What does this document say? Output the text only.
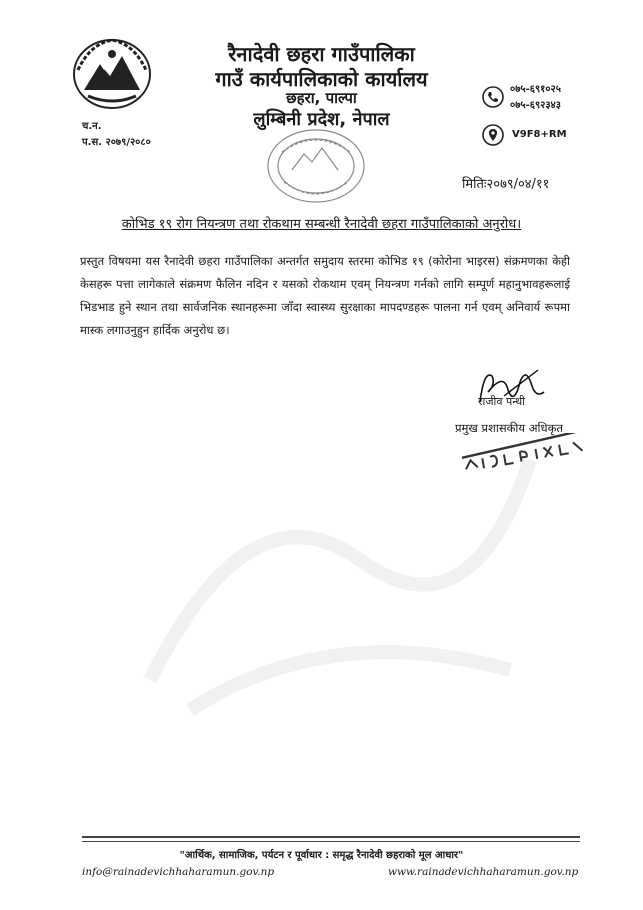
रैनादेवी छहरा गाउँपालिका
गाउँ कार्यपालिकाको कार्यालय
छहरा, पाल्पा
लुम्बिनी प्रदेश, नेपाल
०७५-६९१०२५
०७५-६९२३४३
V9F8+RM
च.न.
प.स. २०७९/२०८०
मितिः२०७९/०४/११
कोभिड १९ रोग नियन्त्रण तथा रोकथाम सम्बन्धी रैनादेवी छहरा गाउँपालिकाको अनुरोध।
प्रस्तुत विषयमा यस रैनादेवी छहरा गाउँपालिका अन्तर्गत समुदाय स्तरमा कोभिड १९ (कोरोना भाइरस) संक्रमणका केही केसहरू पत्ता लागेकाले संक्रमण फैलिन नदिन र यसको रोकथाम एवम् नियन्त्रण गर्नको लागि सम्पूर्ण महानुभावहरूलाई भिडभाड हुने स्थान तथा सार्वजनिक स्थानहरूमा जाँदा स्वास्थ्य सुरक्षाका मापदण्डहरू पालना गर्न एवम् अनिवार्य रूपमा मास्क लगाउनुहुन हार्दिक अनुरोध छ।
राजीव पन्थी
प्रमुख प्रशासकीय अधिकृत
"आर्थिक, सामाजिक, पर्यटन र पूर्वाधार : समृद्ध रैनादेवी छहराको मूल आधार"
info@rainadevichhaharamun.gov.np	www.rainadevichhaharamun.gov.np
